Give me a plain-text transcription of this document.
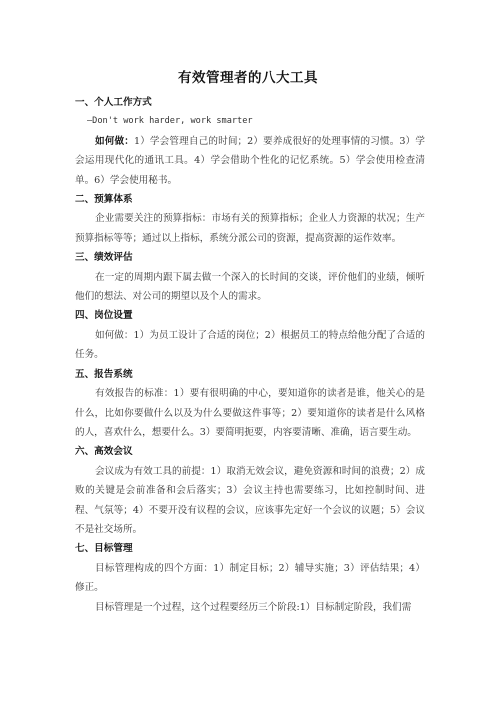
有效管理者的八大工具

一、个人工作方式

—Don't work harder, work smarter

如何做：1）学会管理自己的时间；2）要养成很好的处理事情的习惯。3）学会运用现代化的通讯工具。4）学会借助个性化的记忆系统。5）学会使用检查清单。6）学会使用秘书。

二、预算体系

企业需要关注的预算指标：市场有关的预算指标；企业人力资源的状况；生产预算指标等等；通过以上指标，系统分派公司的资源，提高资源的运作效率。

三、绩效评估

在一定的周期内跟下属去做一个深入的长时间的交谈，评价他们的业绩，倾听他们的想法、对公司的期望以及个人的需求。

四、岗位设置

如何做：1）为员工设计了合适的岗位；2）根据员工的特点给他分配了合适的任务。

五、报告系统

有效报告的标准：1）要有很明确的中心，要知道你的读者是谁，他关心的是什么，比如你要做什么以及为什么要做这件事等；2）要知道你的读者是什么风格的人，喜欢什么，想要什么。3）要简明扼要，内容要清晰、准确，语言要生动。

六、高效会议

会议成为有效工具的前提：1）取消无效会议，避免资源和时间的浪费；2）成败的关键是会前准备和会后落实；3）会议主持也需要练习，比如控制时间、进程、气氛等；4）不要开没有议程的会议，应该事先定好一个会议的议题；5）会议不是社交场所。

七、目标管理

目标管理构成的四个方面：1）制定目标；2）辅导实施；3）评估结果；4）修正。

目标管理是一个过程，这个过程要经历三个阶段:1）目标制定阶段，我们需
